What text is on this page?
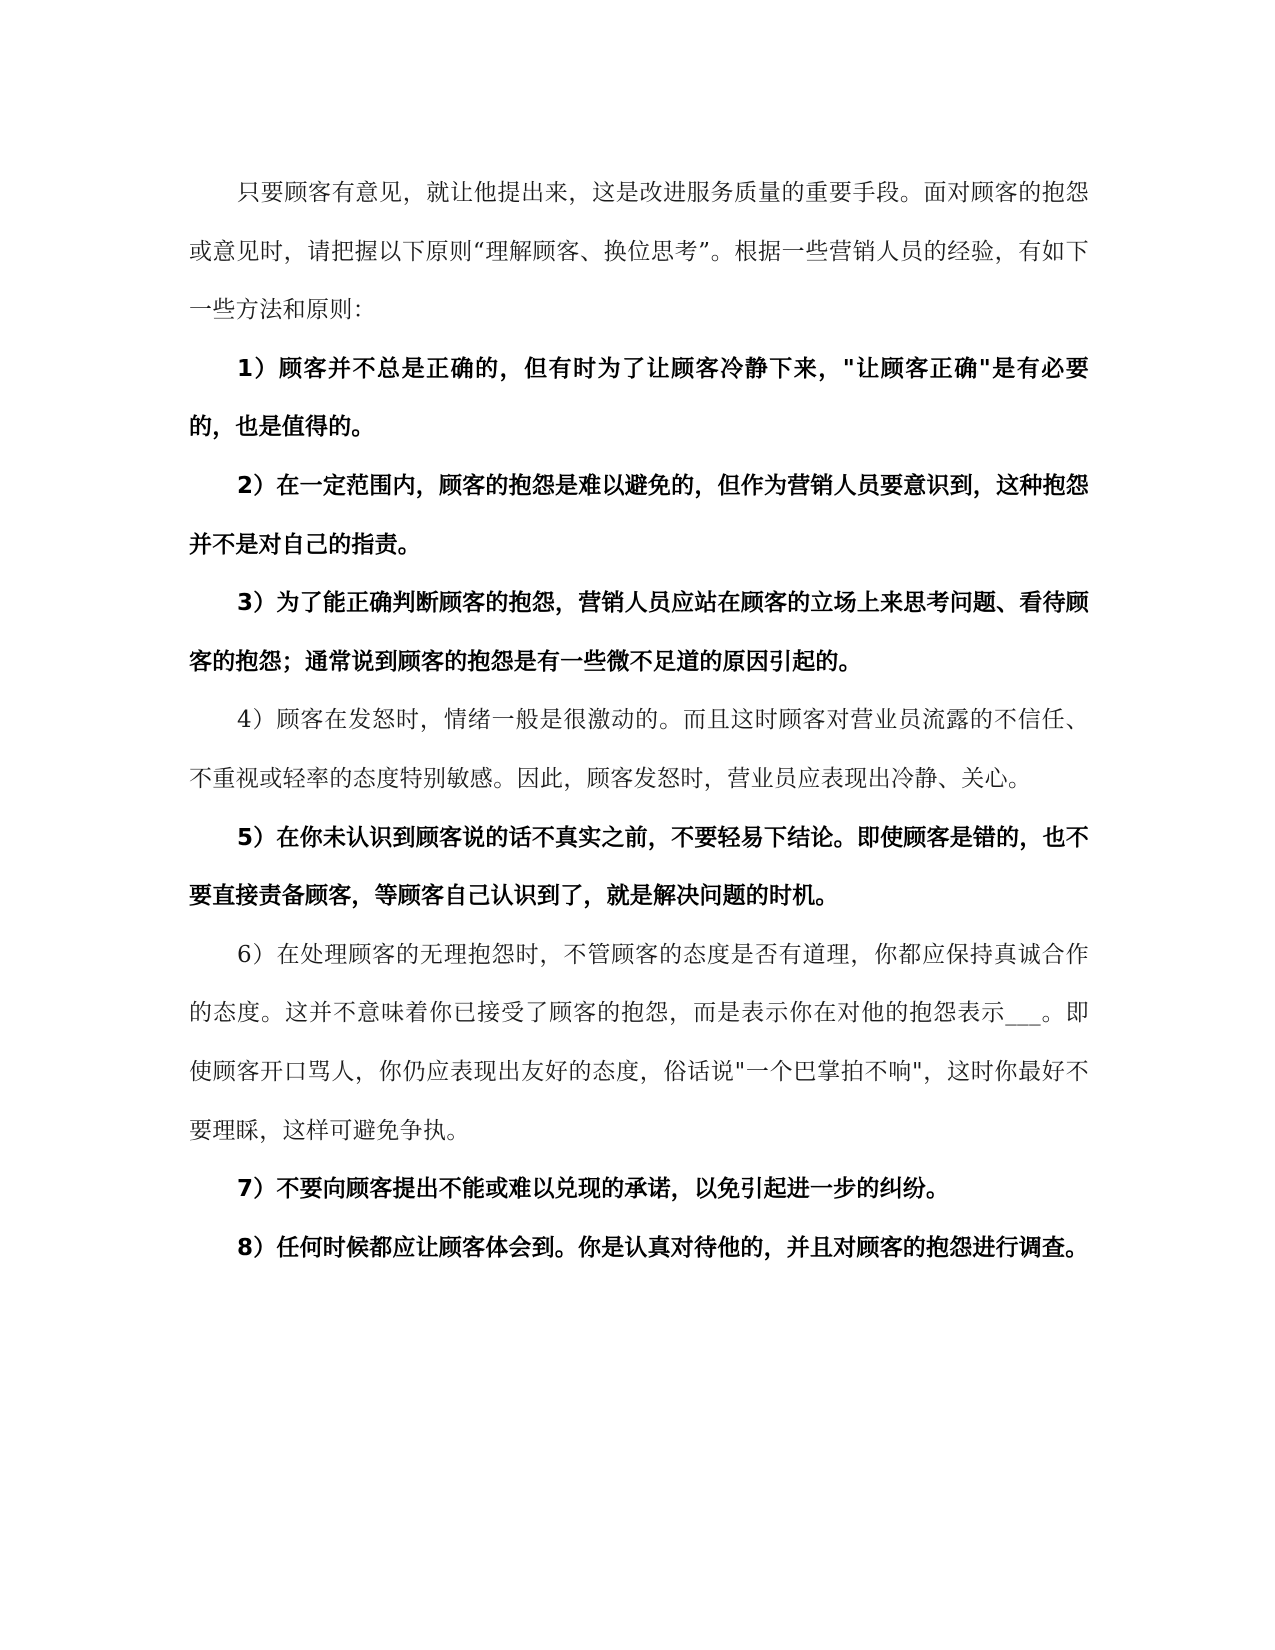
只要顾客有意见，就让他提出来，这是改进服务质量的重要手段。面对顾客的抱怨或意见时，请把握以下原则“理解顾客、换位思考”。根据一些营销人员的经验，有如下一些方法和原则：

1）顾客并不总是正确的，但有时为了让顾客冷静下来，"让顾客正确"是有必要的，也是值得的。

2）在一定范围内，顾客的抱怨是难以避免的，但作为营销人员要意识到，这种抱怨并不是对自己的指责。

3）为了能正确判断顾客的抱怨，营销人员应站在顾客的立场上来思考问题、看待顾客的抱怨；通常说到顾客的抱怨是有一些微不足道的原因引起的。

4）顾客在发怒时，情绪一般是很激动的。而且这时顾客对营业员流露的不信任、不重视或轻率的态度特别敏感。因此，顾客发怒时，营业员应表现出冷静、关心。

5）在你未认识到顾客说的话不真实之前，不要轻易下结论。即使顾客是错的，也不要直接责备顾客，等顾客自己认识到了，就是解决问题的时机。

6）在处理顾客的无理抱怨时，不管顾客的态度是否有道理，你都应保持真诚合作的态度。这并不意味着你已接受了顾客的抱怨，而是表示你在对他的抱怨表示___。即使顾客开口骂人，你仍应表现出友好的态度，俗话说"一个巴掌拍不响"，这时你最好不要理睬，这样可避免争执。

7）不要向顾客提出不能或难以兑现的承诺，以免引起进一步的纠纷。

8）任何时候都应让顾客体会到。你是认真对待他的，并且对顾客的抱怨进行调查。
